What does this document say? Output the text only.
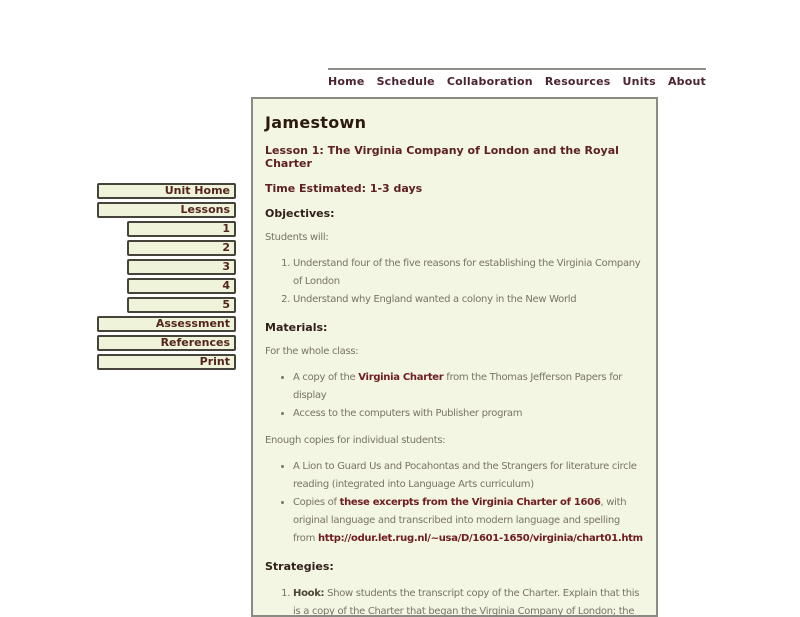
Home Schedule Collaboration Resources Units About
Unit Home
Lessons
1
2
3
4
5
Assessment
References
Print
Jamestown
Lesson 1: The Virginia Company of London and the Royal Charter
Time Estimated: 1-3 days
Objectives:

Students will:

1. Understand four of the five reasons for establishing the Virginia Company of London
2. Understand why England wanted a colony in the New World
Materials:

For the whole class:

• A copy of the Virginia Charter from the Thomas Jefferson Papers for display
• Access to the computers with Publisher program

Enough copies for individual students:

• A Lion to Guard Us and Pocahontas and the Strangers for literature circle reading (integrated into Language Arts curriculum)
• Copies of these excerpts from the Virginia Charter of 1606, with original language and transcribed into modern language and spelling from http://odur.let.rug.nl/~usa/D/1601-1650/virginia/chart01.htm
Strategies:
1. Hook: Show students the transcript copy of the Charter. Explain that this is a copy of the Charter that began the Virginia Company of London; the
